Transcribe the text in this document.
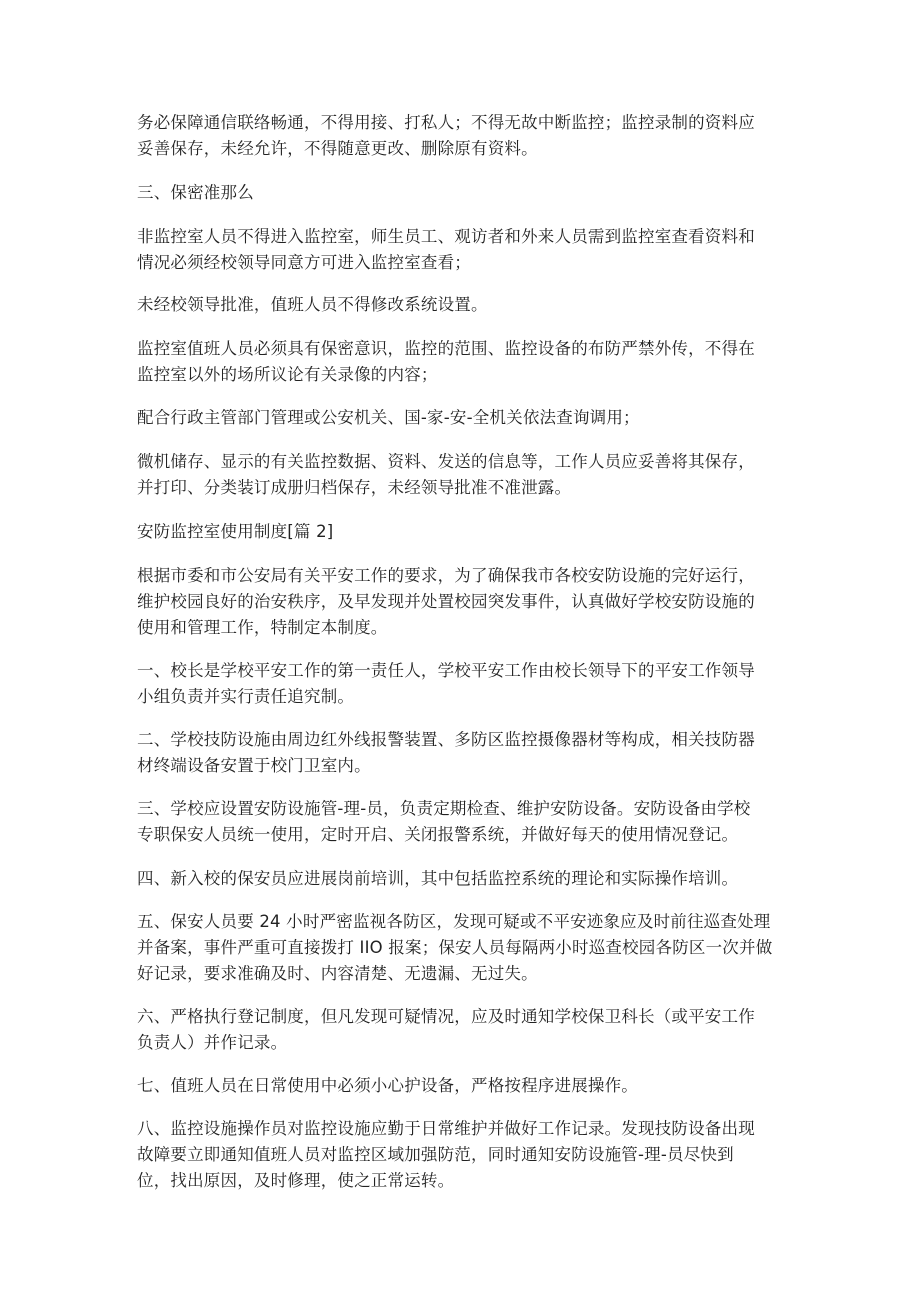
务必保障通信联络畅通，不得用接、打私人；不得无故中断监控；监控录制的资料应
妥善保存，未经允许，不得随意更改、删除原有资料。
三、保密准那么
非监控室人员不得进入监控室，师生员工、观访者和外来人员需到监控室查看资料和
情况必须经校领导同意方可进入监控室查看；
未经校领导批准，值班人员不得修改系统设置。
监控室值班人员必须具有保密意识，监控的范围、监控设备的布防严禁外传，不得在
监控室以外的场所议论有关录像的内容；
配合行政主管部门管理或公安机关、国-家-安-全机关依法查询调用；
微机储存、显示的有关监控数据、资料、发送的信息等，工作人员应妥善将其保存，
并打印、分类装订成册归档保存，未经领导批准不准泄露。
安防监控室使用制度[篇 2]
根据市委和市公安局有关平安工作的要求，为了确保我市各校安防设施的完好运行，
维护校园良好的治安秩序，及早发现并处置校园突发事件，认真做好学校安防设施的
使用和管理工作，特制定本制度。
一、校长是学校平安工作的第一责任人，学校平安工作由校长领导下的平安工作领导
小组负责并实行责任追究制。
二、学校技防设施由周边红外线报警装置、多防区监控摄像器材等构成，相关技防器
材终端设备安置于校门卫室内。
三、学校应设置安防设施管-理-员，负责定期检查、维护安防设备。安防设备由学校
专职保安人员统一使用，定时开启、关闭报警系统，并做好每天的使用情况登记。
四、新入校的保安员应进展岗前培训，其中包括监控系统的理论和实际操作培训。
五、保安人员要 24 小时严密监视各防区，发现可疑或不平安迹象应及时前往巡查处理
并备案，事件严重可直接拨打 IIO 报案；保安人员每隔两小时巡查校园各防区一次并做
好记录，要求准确及时、内容清楚、无遗漏、无过失。
六、严格执行登记制度，但凡发现可疑情况，应及时通知学校保卫科长（或平安工作
负责人）并作记录。
七、值班人员在日常使用中必须小心护设备，严格按程序进展操作。
八、监控设施操作员对监控设施应勤于日常维护并做好工作记录。发现技防设备出现
故障要立即通知值班人员对监控区域加强防范，同时通知安防设施管-理-员尽快到
位，找出原因，及时修理，使之正常运转。
